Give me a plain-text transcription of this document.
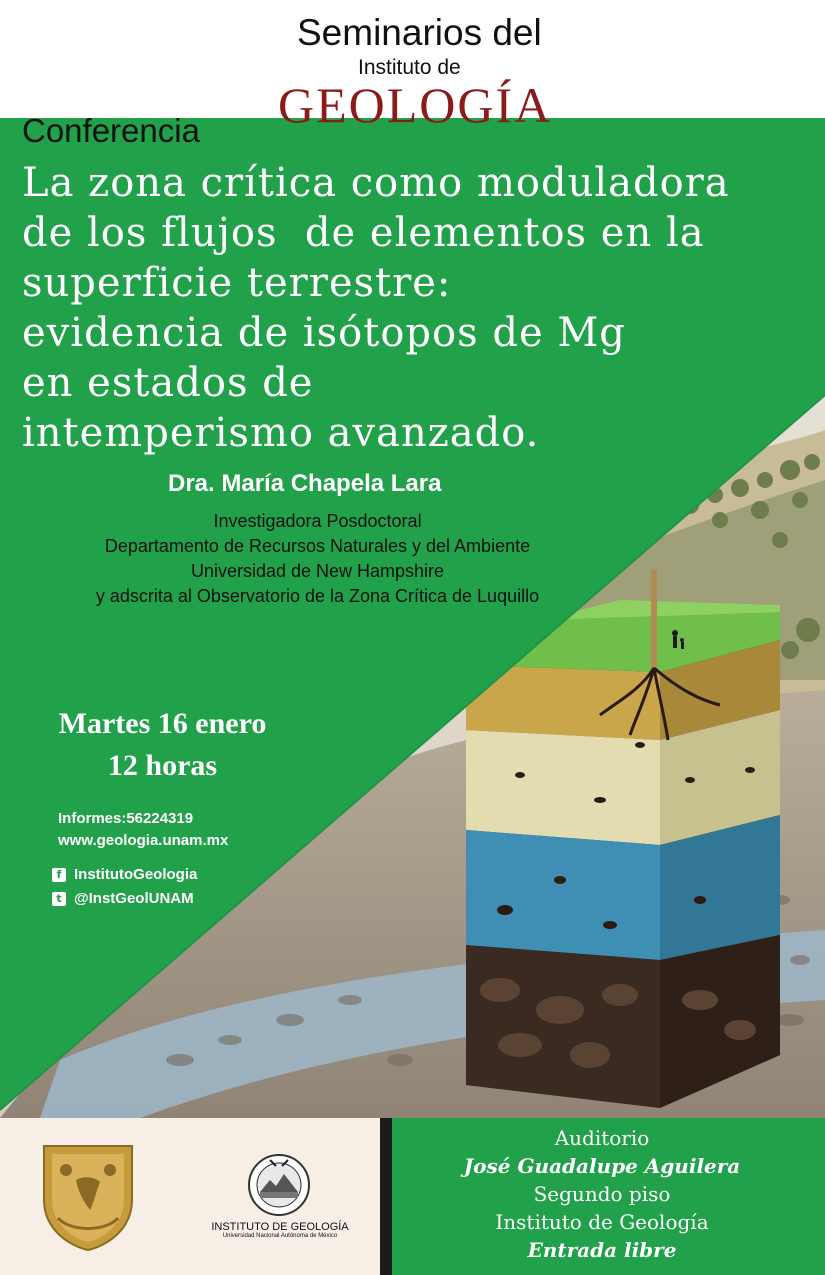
Seminarios del
Instituto de
GEOLOGÍA
Conferencia
La zona crítica como moduladora
de los flujos  de elementos en la
superficie terrestre:
evidencia de isótopos de Mg
en estados de
intemperismo avanzado.
Dra. María Chapela Lara
Investigadora Posdoctoral
Departamento de Recursos Naturales y del Ambiente
Universidad de New Hampshire
y adscrita al Observatorio de la Zona Crítica de Luquillo
Martes 16 enero
12 horas
Informes:56224319
www.geologia.unam.mx
f InstitutoGeologia
t @InstGeolUNAM
INSTITUTO DE GEOLOGÍA
Universidad Nacional Autónoma de México
Auditorio
José Guadalupe Aguilera
Segundo piso
Instituto de Geología
Entrada libre
